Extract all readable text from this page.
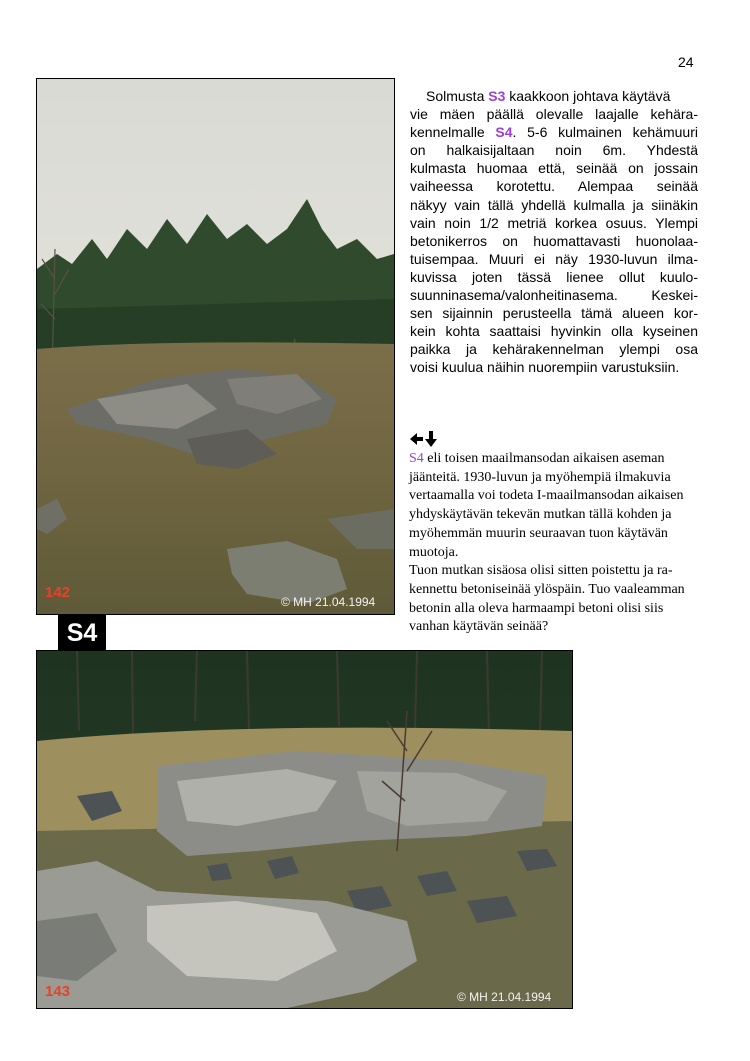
24
142
© MH 21.04.1994
Solmusta S3 kaakkoon johtava käytävä
vie mäen päällä olevalle laajalle kehära-
kennelmalle S4. 5-6 kulmainen kehämuuri
on halkaisijaltaan noin 6m. Yhdestä
kulmasta huomaa että, seinää on jossain
vaiheessa korotettu. Alempaa seinää
näkyy vain tällä yhdellä kulmalla ja siinäkin
vain noin 1/2 metriä korkea osuus. Ylempi
betonikerros on huomattavasti huonolaa-
tuisempaa. Muuri ei näy 1930-luvun ilma-
kuvissa joten tässä lienee ollut kuulo-
suunninasema/valonheitinasema. Keskei-
sen sijainnin perusteella tämä alueen kor-
kein kohta saattaisi hyvinkin olla kyseinen
paikka ja kehärakennelman ylempi osa
voisi kuulua näihin nuorempiin varustuksiin.
S4 eli toisen maailmansodan aikaisen aseman
jäänteitä. 1930-luvun ja myöhempiä ilmakuvia
vertaamalla voi todeta I-maailmansodan aikaisen
yhdyskäytävän tekevän mutkan tällä kohden ja
myöhemmän muurin seuraavan tuon käytävän
muotoja.
Tuon mutkan sisäosa olisi sitten poistettu ja ra-
kennettu betoniseinää ylöspäin. Tuo vaaleamman
betonin alla oleva harmaampi betoni olisi siis
vanhan käytävän seinää?
S4
143	© MH 21.04.1994
